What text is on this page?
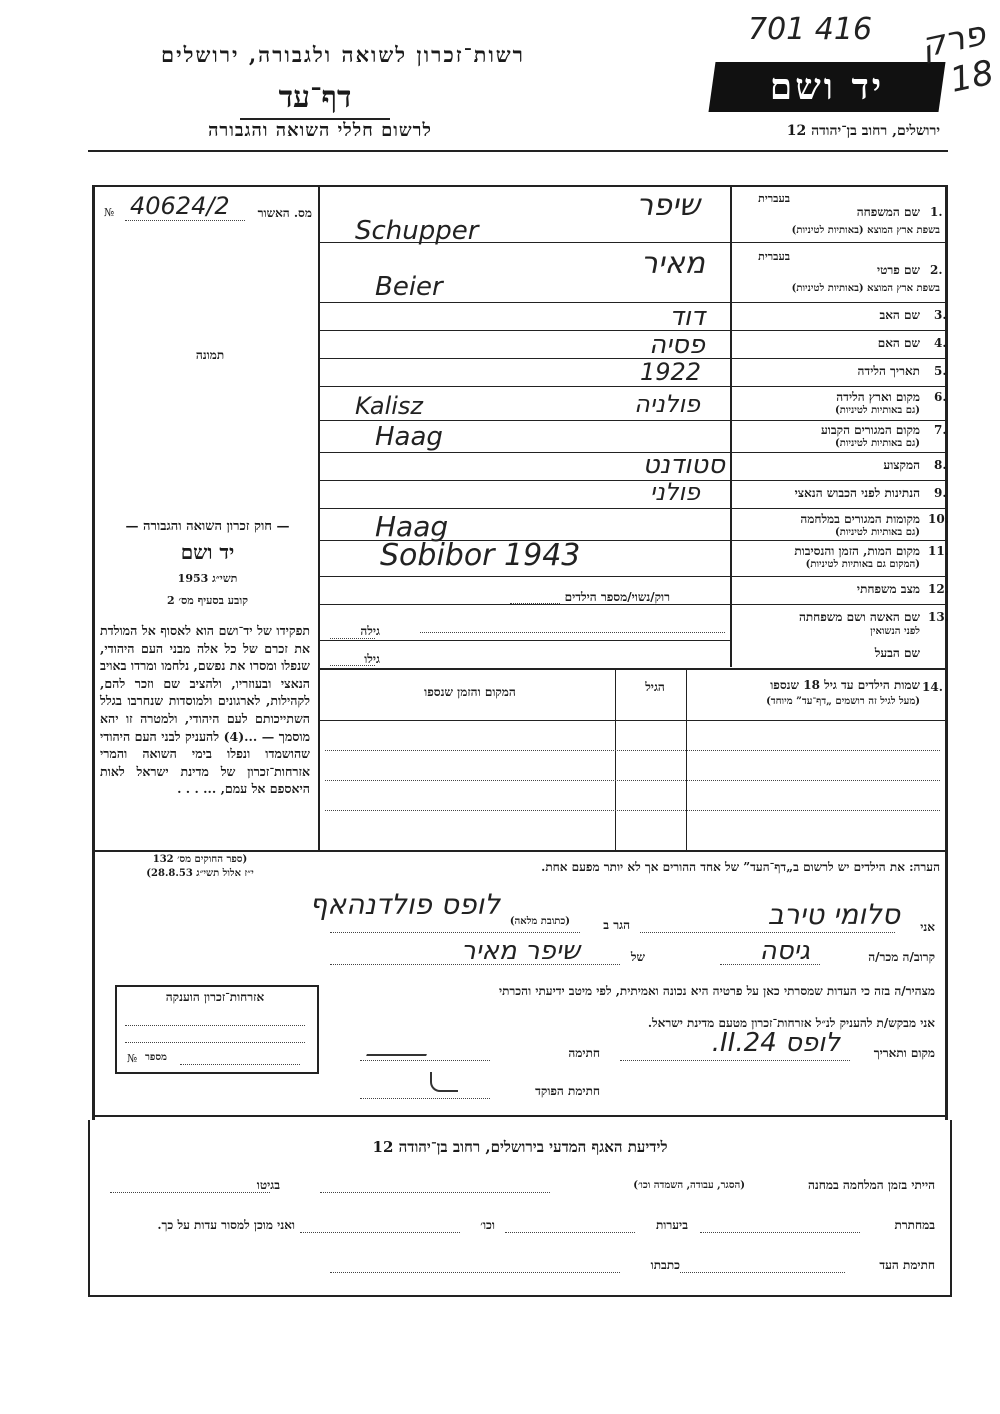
רשות־זכרון לשואה ולגבורה, ירושלים
דף־עד
לרשום חללי השואה והגבורה
יד ושם
ירושלים, רחוב בן־יהודה 12
701 416	פרק 18
מס. האשור
№ 40624/2
תמונה
בעברית
בעברית
1.
שם המשפחה
בשפת ארץ המוצא (באותיות לטיניות)
שיפר
Schupper
2.
שם פרטי
בשפת ארץ המוצא (באותיות לטיניות)
מאיר
Beier
3.
שם האב
דוד
4.
שם האם
פסיה
5.
תאריך הלידה
1922
6.
מקום וארץ הלידה
(גם באותיות לטיניות)
פולניה
Kalisz
7.
מקום המגורים הקבוע
(גם באותיות לטיניות)
Haag
8.
המקצוע
סטודנט
9.
הנתינות לפני הכבוש הנאצי
פולני
10.
מקומות המגורים במלחמה
(גם באותיות לטיניות)
Haag
11.
מקום המות, הזמן והנסיבות
(המקום גם באותיות לטיניות)
Sobibor 1943
12.
מצב משפחתי
רוק/נשוי/מספר הילדים
13.
שם האשה ושם משפחתה
לפני הנשואין
גילה
שם הבעל
גילו
14.
שמות הילדים עד גיל 18 שנספו
(מעל לגיל זה רושמים „דף־עד” מיוחד)
הגיל
המקום והזמן שנספו
— חוק זכרון השואה והגבורה —
יד ושם
תשי״ג 1953
קובע בסעיף מס׳ 2
תפקידו של יד־ושם הוא לאסוף אל המולדת את זכרם של כל אלה מבני העם היהודי, שנפלו ומסרו את נפשם, נלחמו ומרדו באויב הנאצי ובעוזריו, ולהציב שם וזכר להם, לקהילות, לארגונים ולמוסדות שנחרבו בגלל השתייכותם לעם היהודי, ולמטרה זו יהא מוסמך — ...(4) להעניק לבני העם היהודי שהושמדו ונפלו בימי השואה והמרי אזרחות־זכרון של מדינת ישראל לאות היאספם אל עמם, ... . . .
(ספר החוקים מס׳ 132
י״ז אלול תשי״ג 28.8.53)	הערה: את הילדים יש לרשום ב„דף־העד” של אחד ההורים אך לא יותר מפעם אחת.
אני
סלומי טירב
הגר ב
(כתובת מלאה)
לופס פולדנהאף
קרוב/ה מכר/ה
גיסה
של
שיפר מאיר
מצהיר/ה בזה כי העדות שמסרתי כאן על פרטיה היא נכונה ואמיתית, לפי מיטב ידיעתי והכרתי
אני מבקש/ת להעניק לנ״ל אזרחות־זכרון מטעם מדינת ישראל.
מקום ותאריך
לופס 24.II.
חתימה
חתימת הפוקד
אזרחות־זכרון הוענקה
מספר
№
לידיעת האגף המדעי בירושלים, רחוב בן־יהודה 12
הייתי בזמן המלחמה במחנה
(הסגר, עבודה, השמדה וכו׳)
בגיטו
במחתרת
ביערות
וכו׳
ואני מוכן למסור עדות על כך.
חתימת העד
כתבתו
